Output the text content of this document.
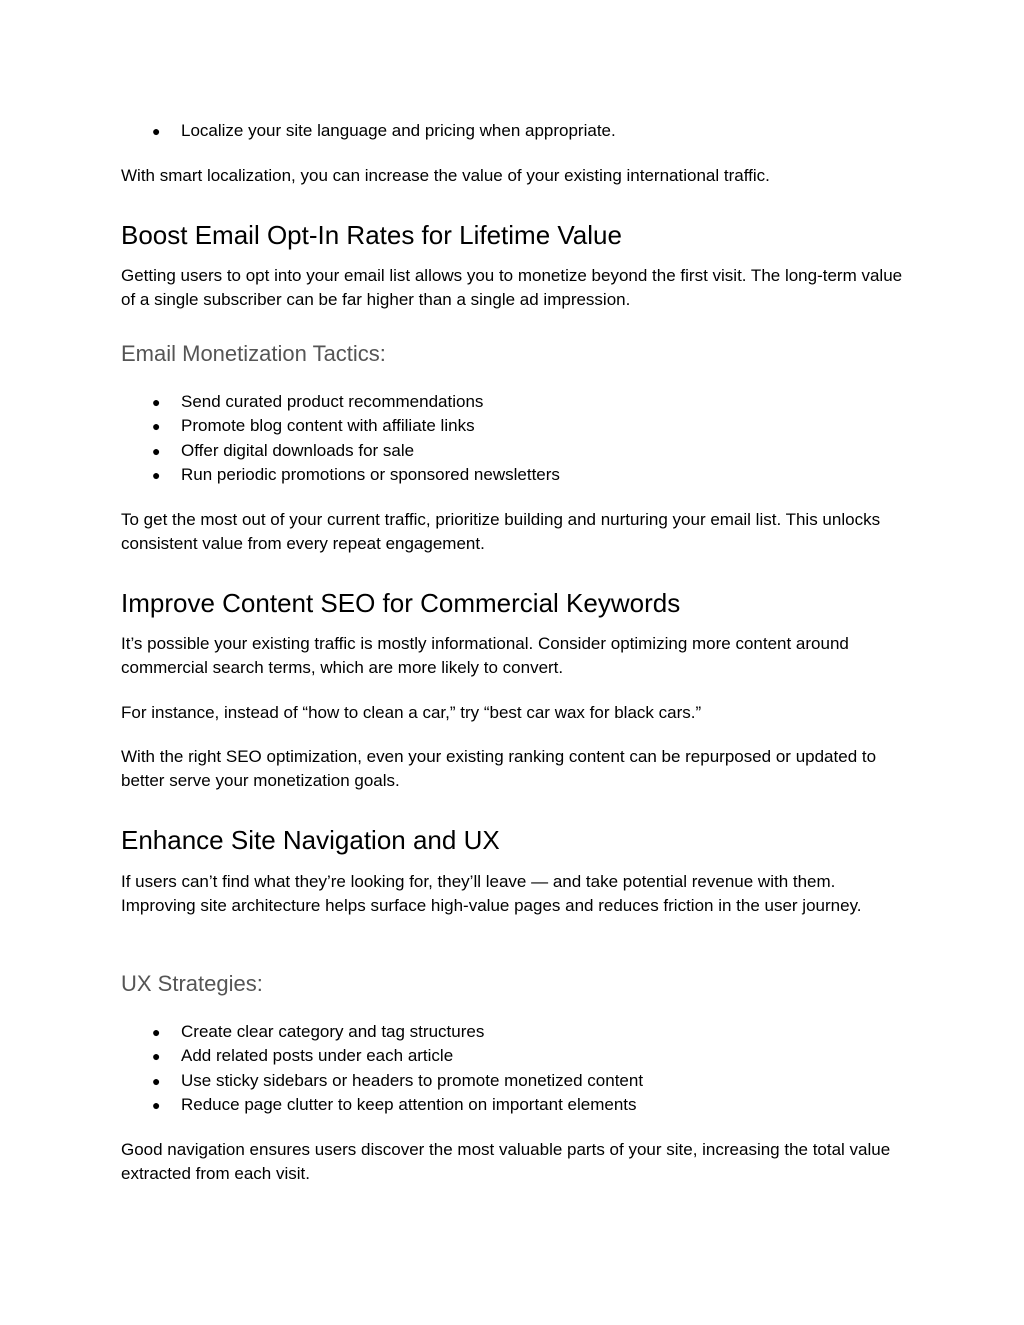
● Localize your site language and pricing when appropriate.

With smart localization, you can increase the value of your existing international traffic.

Boost Email Opt-In Rates for Lifetime Value

Getting users to opt into your email list allows you to monetize beyond the first visit. The long-term value of a single subscriber can be far higher than a single ad impression.

Email Monetization Tactics:
● Send curated product recommendations
● Promote blog content with affiliate links
● Offer digital downloads for sale
● Run periodic promotions or sponsored newsletters

To get the most out of your current traffic, prioritize building and nurturing your email list. This unlocks consistent value from every repeat engagement.

Improve Content SEO for Commercial Keywords

It’s possible your existing traffic is mostly informational. Consider optimizing more content around commercial search terms, which are more likely to convert.

For instance, instead of “how to clean a car,” try “best car wax for black cars.”

With the right SEO optimization, even your existing ranking content can be repurposed or updated to better serve your monetization goals.

Enhance Site Navigation and UX

If users can’t find what they’re looking for, they’ll leave — and take potential revenue with them. Improving site architecture helps surface high-value pages and reduces friction in the user journey.

UX Strategies:
● Create clear category and tag structures
● Add related posts under each article
● Use sticky sidebars or headers to promote monetized content
● Reduce page clutter to keep attention on important elements

Good navigation ensures users discover the most valuable parts of your site, increasing the total value extracted from each visit.
